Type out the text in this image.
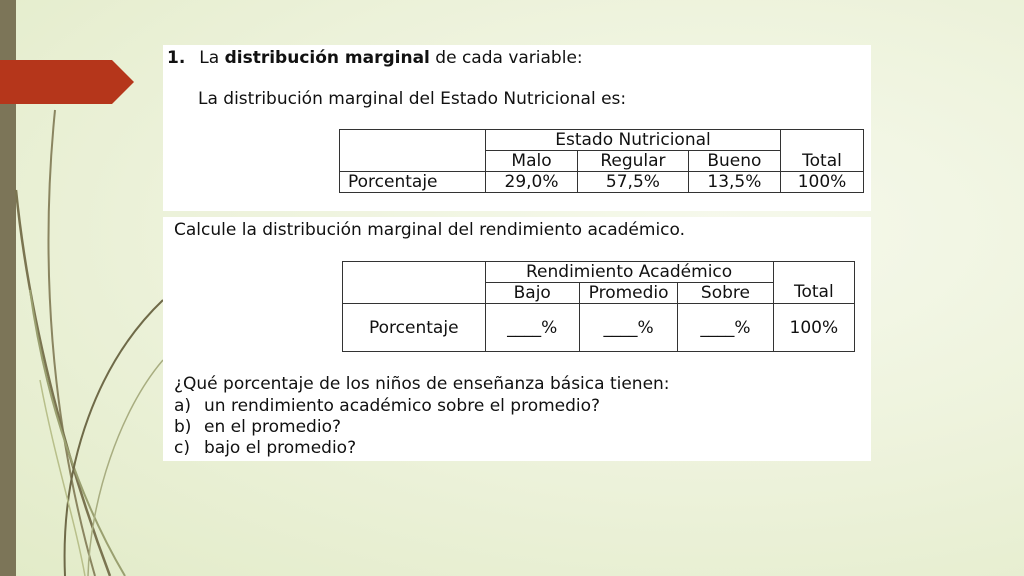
1. La distribución marginal de cada variable:
La distribución marginal del Estado Nutricional es:
	Estado Nutricional			Total
	Malo	Regular	Bueno	
Porcentaje	29,0%	57,5%	13,5%	100%
Calcule la distribución marginal del rendimiento académico.
	Rendimiento Académico			Total
	Bajo	Promedio	Sobre	
Porcentaje	____%	____%	____%	100%
¿Qué porcentaje de los niños de enseñanza básica tienen:
a) un rendimiento académico sobre el promedio?
b) en el promedio?
c) bajo el promedio?
